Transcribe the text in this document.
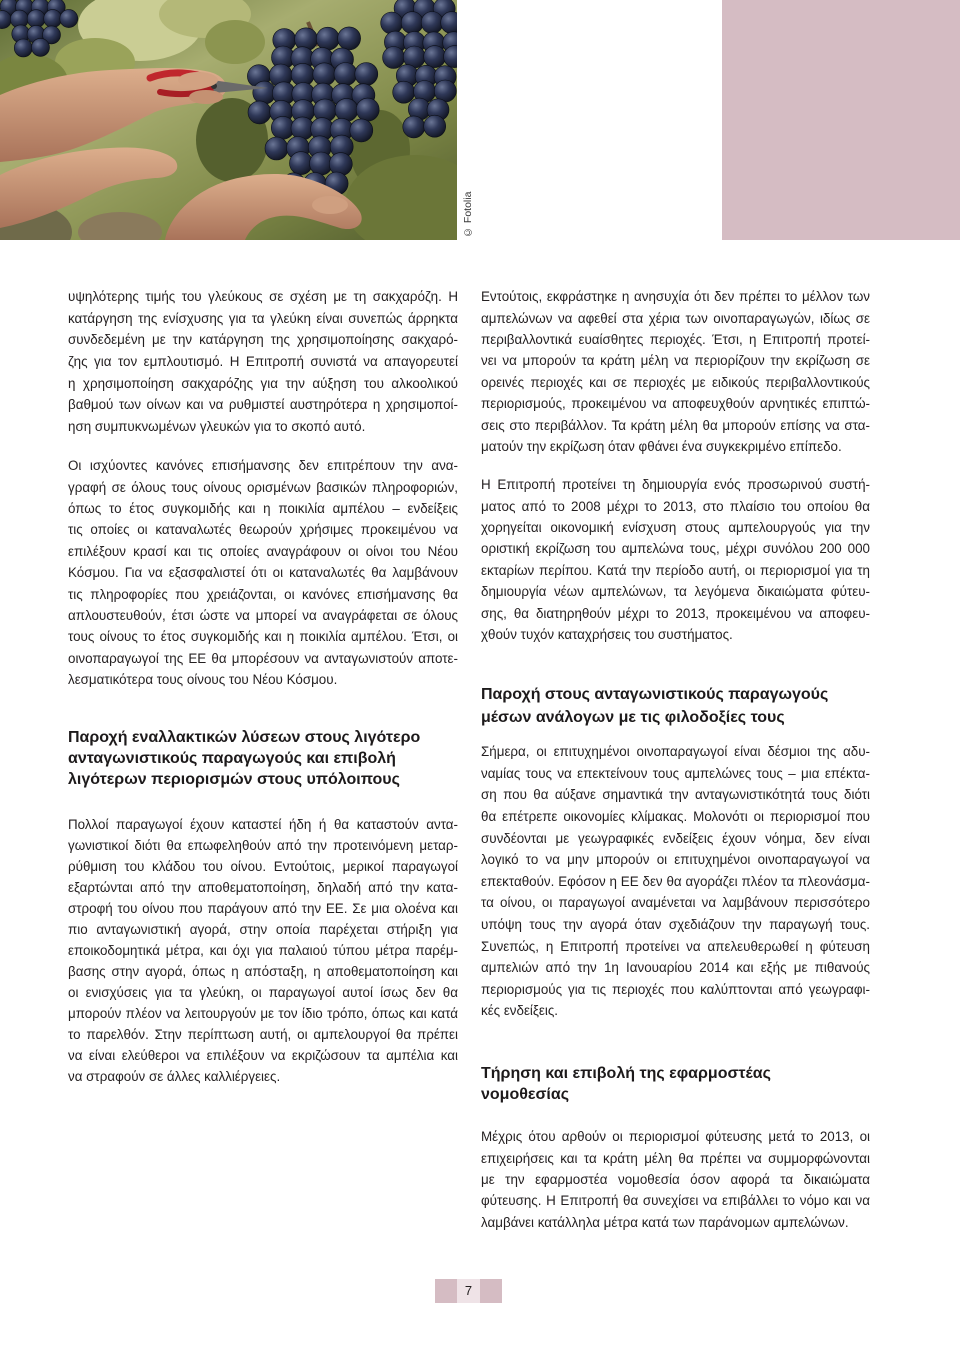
© Fotolia
υψηλότερης τιμής του γλεύκους σε σχέση με τη σακχαρόζη. Η
κατάργηση της ενίσχυσης για τα γλεύκη είναι συνεπώς άρρηκτα
συνδεδεμένη με την κατάργηση της χρησιμοποίησης σακχαρό-
ζης για τον εμπλουτισμό. Η Επιτροπή συνιστά να απαγορευτεί
η χρησιμοποίηση σακχαρόζης για την αύξηση του αλκοολικού
βαθμού των οίνων και να ρυθμιστεί αυστηρότερα η χρησιμοποί-
ηση συμπυκνωμένων γλευκών για το σκοπό αυτό.
Οι ισχύοντες κανόνες επισήμανσης δεν επιτρέπουν την ανα-
γραφή σε όλους τους οίνους ορισμένων βασικών πληροφοριών,
όπως το έτος συγκομιδής και η ποικιλία αμπέλου – ενδείξεις
τις οποίες οι καταναλωτές θεωρούν χρήσιμες προκειμένου να
επιλέξουν κρασί και τις οποίες αναγράφουν οι οίνοι του Νέου
Κόσμου. Για να εξασφαλιστεί ότι οι καταναλωτές θα λαμβάνουν
τις πληροφορίες που χρειάζονται, οι κανόνες επισήμανσης θα
απλουστευθούν, έτσι ώστε να μπορεί να αναγράφεται σε όλους
τους οίνους το έτος συγκομιδής και η ποικιλία αμπέλου. Έτσι, οι
οινοπαραγωγοί της ΕΕ θα μπορέσουν να ανταγωνιστούν αποτε-
λεσματικότερα τους οίνους του Νέου Κόσμου.
Παροχή εναλλακτικών λύσεων στους λιγότερο
ανταγωνιστικούς παραγωγούς και επιβολή
λιγότερων περιορισμών στους υπόλοιπους
Πολλοί παραγωγοί έχουν καταστεί ήδη ή θα καταστούν αντα-
γωνιστικοί διότι θα επωφεληθούν από την προτεινόμενη μεταρ-
ρύθμιση του κλάδου του οίνου. Εντούτοις, μερικοί παραγωγοί
εξαρτώνται από την αποθεματοποίηση, δηλαδή από την κατα-
στροφή του οίνου που παράγουν από την ΕΕ. Σε μια ολοένα και
πιο ανταγωνιστική αγορά, στην οποία παρέχεται στήριξη για
εποικοδομητικά μέτρα, και όχι για παλαιού τύπου μέτρα παρέμ-
βασης στην αγορά, όπως η απόσταξη, η αποθεματοποίηση και
οι ενισχύσεις για τα γλεύκη, οι παραγωγοί αυτοί ίσως δεν θα
μπορούν πλέον να λειτουργούν με τον ίδιο τρόπο, όπως και κατά
το παρελθόν. Στην περίπτωση αυτή, οι αμπελουργοί θα πρέπει
να είναι ελεύθεροι να επιλέξουν να εκριζώσουν τα αμπέλια και
να στραφούν σε άλλες καλλιέργειες.
Εντούτοις, εκφράστηκε η ανησυχία ότι δεν πρέπει το μέλλον των
αμπελώνων να αφεθεί στα χέρια των οινοπαραγωγών, ιδίως σε
περιβαλλοντικά ευαίσθητες περιοχές. Έτσι, η Επιτροπή προτεί-
νει να μπορούν τα κράτη μέλη να περιορίζουν την εκρίζωση σε
ορεινές περιοχές και σε περιοχές με ειδικούς περιβαλλοντικούς
περιορισμούς, προκειμένου να αποφευχθούν αρνητικές επιπτώ-
σεις στο περιβάλλον. Τα κράτη μέλη θα μπορούν επίσης να στα-
ματούν την εκρίζωση όταν φθάνει ένα συγκεκριμένο επίπεδο.
Η Επιτροπή προτείνει τη δημιουργία ενός προσωρινού συστή-
ματος από το 2008 μέχρι το 2013, στο πλαίσιο του οποίου θα
χορηγείται οικονομική ενίσχυση στους αμπελουργούς για την
οριστική εκρίζωση του αμπελώνα τους, μέχρι συνόλου 200 000
εκταρίων περίπου. Κατά την περίοδο αυτή, οι περιορισμοί για τη
δημιουργία νέων αμπελώνων, τα λεγόμενα δικαιώματα φύτευ-
σης, θα διατηρηθούν μέχρι το 2013, προκειμένου να αποφευ-
χθούν τυχόν καταχρήσεις του συστήματος.
Παροχή στους ανταγωνιστικούς παραγωγούς
μέσων ανάλογων με τις φιλοδοξίες τους
Σήμερα, οι επιτυχημένοι οινοπαραγωγοί είναι δέσμιοι της αδυ-
ναμίας τους να επεκτείνουν τους αμπελώνες τους – μια επέκτα-
ση που θα αύξανε σημαντικά την ανταγωνιστικότητά τους διότι
θα επέτρεπε οικονομίες κλίμακας. Μολονότι οι περιορισμοί που
συνδέονται με γεωγραφικές ενδείξεις έχουν νόημα, δεν είναι
λογικό το να μην μπορούν οι επιτυχημένοι οινοπαραγωγοί να
επεκταθούν. Εφόσον η ΕΕ δεν θα αγοράζει πλέον τα πλεονάσμα-
τα οίνου, οι παραγωγοί αναμένεται να λαμβάνουν περισσότερο
υπόψη τους την αγορά όταν σχεδιάζουν την παραγωγή τους.
Συνεπώς, η Επιτροπή προτείνει να απελευθερωθεί η φύτευση
αμπελιών από την 1η Ιανουαρίου 2014 και εξής με πιθανούς
περιορισμούς για τις περιοχές που καλύπτονται από γεωγραφι-
κές ενδείξεις.
Τήρηση και επιβολή της εφαρμοστέας
νομοθεσίας
Μέχρις ότου αρθούν οι περιορισμοί φύτευσης μετά το 2013, οι
επιχειρήσεις και τα κράτη μέλη θα πρέπει να συμμορφώνονται
με την εφαρμοστέα νομοθεσία όσον αφορά τα δικαιώματα
φύτευσης. Η Επιτροπή θα συνεχίσει να επιβάλλει το νόμο και να
λαμβάνει κατάλληλα μέτρα κατά των παράνομων αμπελώνων.
7
